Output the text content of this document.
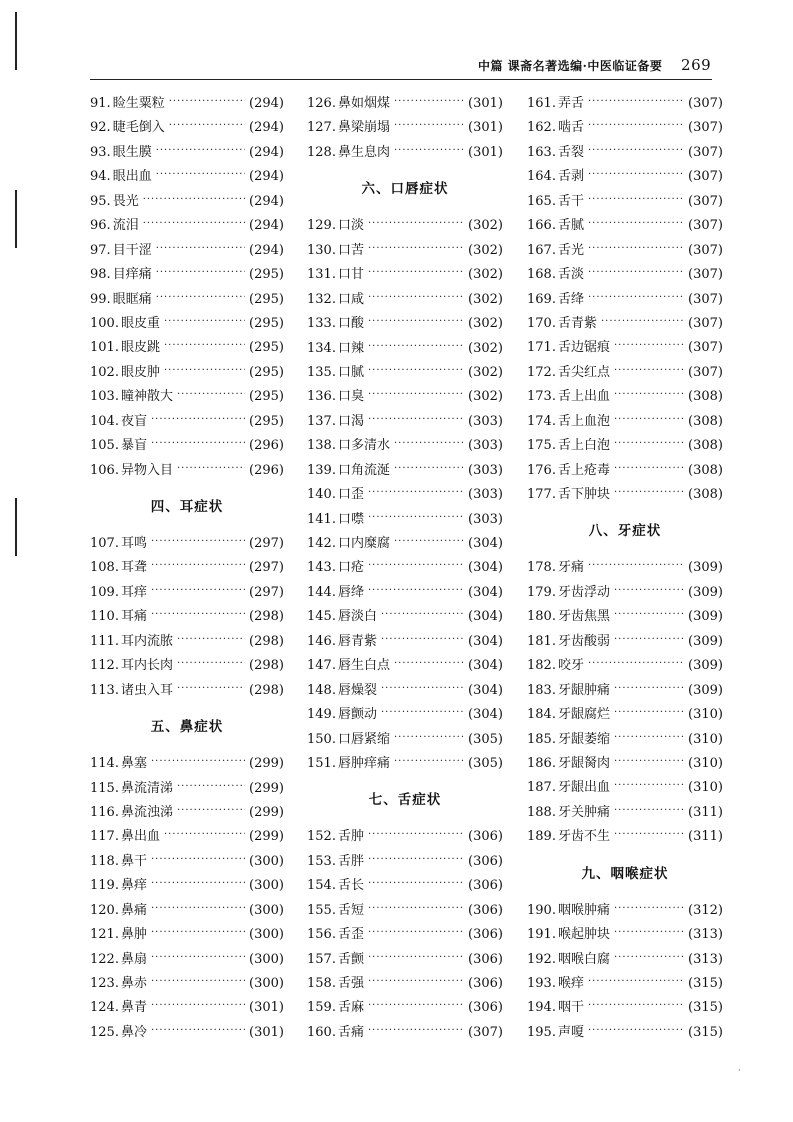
中篇 课斋名著选编·中医临证备要 269
91. 睑生粟粒 ·····	(294)
92. 睫毛倒入 ·····	(294)
93. 眼生膜 ·····	(294)
94. 眼出血 ·····	(294)
95. 畏光 ·····	(294)
96. 流泪 ·····	(294)
97. 目干涩 ·····	(294)
98. 目痒痛 ·····	(295)
99. 眼眶痛 ·····	(295)
100. 眼皮重 ·····	(295)
101. 眼皮跳 ·····	(295)
102. 眼皮肿 ·····	(295)
103. 瞳神散大 ·····	(295)
104. 夜盲 ·····	(295)
105. 暴盲 ·····	(296)
106. 异物入目 ·····	(296)
四、耳症状
107. 耳鸣 ·····	(297)
108. 耳聋 ·····	(297)
109. 耳痒 ·····	(297)
110. 耳痛 ·····	(298)
111. 耳内流脓 ·····	(298)
112. 耳内长肉 ·····	(298)
113. 诸虫入耳 ·····	(298)
五、鼻症状
114. 鼻塞 ·····	(299)
115. 鼻流清涕 ·····	(299)
116. 鼻流浊涕 ·····	(299)
117. 鼻出血 ·····	(299)
118. 鼻干 ·····	(300)
119. 鼻痒 ·····	(300)
120. 鼻痛 ·····	(300)
121. 鼻肿 ·····	(300)
122. 鼻扇 ·····	(300)
123. 鼻赤 ·····	(300)
124. 鼻青 ·····	(301)
125. 鼻冷 ·····	(301)
126. 鼻如烟煤 ·····	(301)
127. 鼻梁崩塌 ·····	(301)
128. 鼻生息肉 ·····	(301)
六、口唇症状
129. 口淡 ·····	(302)
130. 口苦 ·····	(302)
131. 口甘 ·····	(302)
132. 口咸 ·····	(302)
133. 口酸 ·····	(302)
134. 口辣 ·····	(302)
135. 口腻 ·····	(302)
136. 口臭 ·····	(302)
137. 口渴 ·····	(303)
138. 口多清水 ·····	(303)
139. 口角流涎 ·····	(303)
140. 口歪 ·····	(303)
141. 口噤 ·····	(303)
142. 口内糜腐 ·····	(304)
143. 口疮 ·····	(304)
144. 唇绛 ·····	(304)
145. 唇淡白 ·····	(304)
146. 唇青紫 ·····	(304)
147. 唇生白点 ·····	(304)
148. 唇燥裂 ·····	(304)
149. 唇颤动 ·····	(304)
150. 口唇紧缩 ·····	(305)
151. 唇肿痒痛 ·····	(305)
七、舌症状
152. 舌肿 ·····	(306)
153. 舌胖 ·····	(306)
154. 舌长 ·····	(306)
155. 舌短 ·····	(306)
156. 舌歪 ·····	(306)
157. 舌颤 ·····	(306)
158. 舌强 ·····	(306)
159. 舌麻 ·····	(306)
160. 舌痛 ·····	(307)
161. 弄舌 ·····	(307)
162. 啮舌 ·····	(307)
163. 舌裂 ·····	(307)
164. 舌剥 ·····	(307)
165. 舌干 ·····	(307)
166. 舌腻 ·····	(307)
167. 舌光 ·····	(307)
168. 舌淡 ·····	(307)
169. 舌绛 ·····	(307)
170. 舌青紫 ·····	(307)
171. 舌边锯痕 ·····	(307)
172. 舌尖红点 ·····	(307)
173. 舌上出血 ·····	(308)
174. 舌上血泡 ·····	(308)
175. 舌上白泡 ·····	(308)
176. 舌上疮毒 ·····	(308)
177. 舌下肿块 ·····	(308)
八、牙症状
178. 牙痛 ·····	(309)
179. 牙齿浮动 ·····	(309)
180. 牙齿焦黑 ·····	(309)
181. 牙齿酸弱 ·····	(309)
182. 咬牙 ·····	(309)
183. 牙龈肿痛 ·····	(309)
184. 牙龈腐烂 ·····	(310)
185. 牙龈萎缩 ·····	(310)
186. 牙龈胬肉 ·····	(310)
187. 牙龈出血 ·····	(310)
188. 牙关肿痛 ·····	(311)
189. 牙齿不生 ·····	(311)
九、咽喉症状
190. 咽喉肿痛 ·····	(312)
191. 喉起肿块 ·····	(313)
192. 咽喉白腐 ·····	(313)
193. 喉痒 ·····	(315)
194. 咽干 ·····	(315)
195. 声嗄 ·····	(315)
·
